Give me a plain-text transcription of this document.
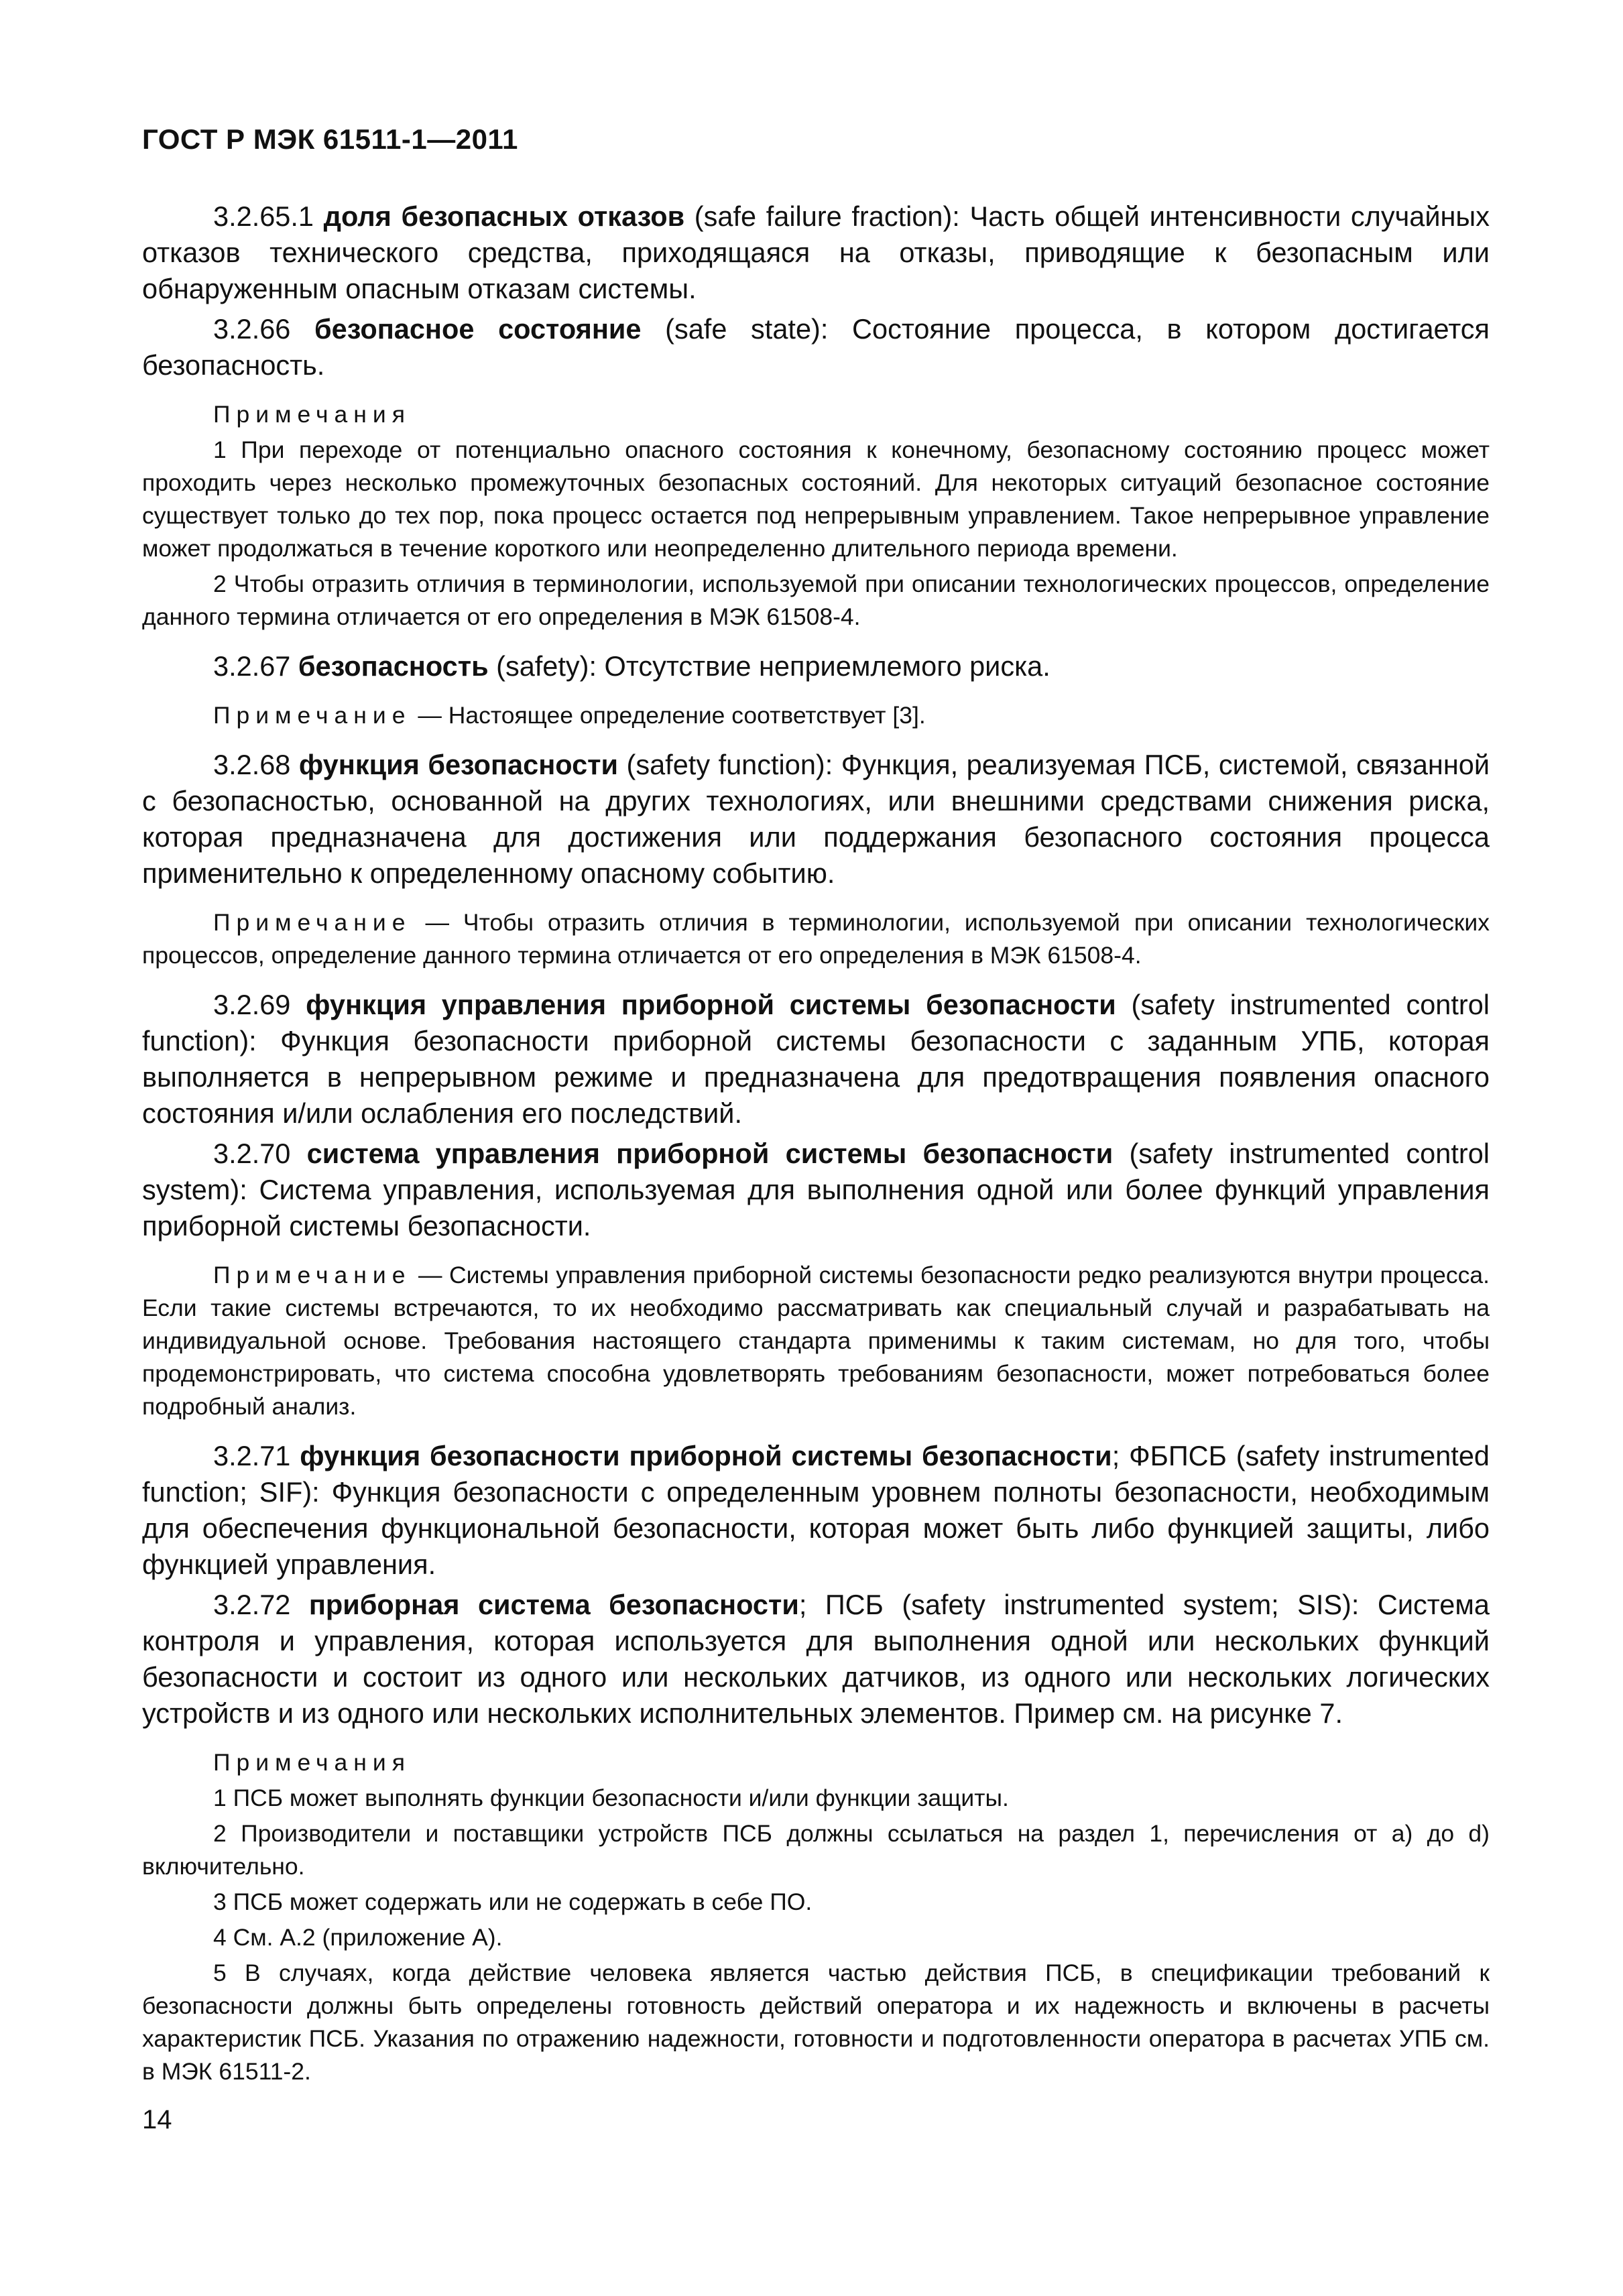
ГОСТ Р МЭК 61511-1—2011

3.2.65.1 доля безопасных отказов (safe failure fraction): Часть общей интенсивности случайных отказов технического средства, приходящаяся на отказы, приводящие к безопасным или обнаруженным опасным отказам системы.

3.2.66 безопасное состояние (safe state): Состояние процесса, в котором достигается безопасность.

Примечания

1 При переходе от потенциально опасного состояния к конечному, безопасному состоянию процесс может проходить через несколько промежуточных безопасных состояний. Для некоторых ситуаций безопасное состояние существует только до тех пор, пока процесс остается под непрерывным управлением. Такое непрерывное управление может продолжаться в течение короткого или неопределенно длительного периода времени.

2 Чтобы отразить отличия в терминологии, используемой при описании технологических процессов, определение данного термина отличается от его определения в МЭК 61508-4.

3.2.67 безопасность (safety): Отсутствие неприемлемого риска.

Примечание — Настоящее определение соответствует [3].

3.2.68 функция безопасности (safety function): Функция, реализуемая ПСБ, системой, связанной с безопасностью, основанной на других технологиях, или внешними средствами снижения риска, которая предназначена для достижения или поддержания безопасного состояния процесса применительно к определенному опасному событию.

Примечание — Чтобы отразить отличия в терминологии, используемой при описании технологических процессов, определение данного термина отличается от его определения в МЭК 61508-4.

3.2.69 функция управления приборной системы безопасности (safety instrumented control function): Функция безопасности приборной системы безопасности с заданным УПБ, которая выполняется в непрерывном режиме и предназначена для предотвращения появления опасного состояния и/или ослабления его последствий.

3.2.70 система управления приборной системы безопасности (safety instrumented control system): Система управления, используемая для выполнения одной или более функций управления приборной системы безопасности.

Примечание — Системы управления приборной системы безопасности редко реализуются внутри процесса. Если такие системы встречаются, то их необходимо рассматривать как специальный случай и разрабатывать на индивидуальной основе. Требования настоящего стандарта применимы к таким системам, но для того, чтобы продемонстрировать, что система способна удовлетворять требованиям безопасности, может потребоваться более подробный анализ.

3.2.71 функция безопасности приборной системы безопасности; ФБПСБ (safety instrumented function; SIF): Функция безопасности с определенным уровнем полноты безопасности, необходимым для обеспечения функциональной безопасности, которая может быть либо функцией защиты, либо функцией управления.

3.2.72 приборная система безопасности; ПСБ (safety instrumented system; SIS): Система контроля и управления, которая используется для выполнения одной или нескольких функций безопасности и состоит из одного или нескольких датчиков, из одного или нескольких логических устройств и из одного или нескольких исполнительных элементов. Пример см. на рисунке 7.

Примечания

1 ПСБ может выполнять функции безопасности и/или функции защиты.

2 Производители и поставщики устройств ПСБ должны ссылаться на раздел 1, перечисления от а) до d) включительно.

3 ПСБ может содержать или не содержать в себе ПО.

4 См. А.2 (приложение А).

5 В случаях, когда действие человека является частью действия ПСБ, в спецификации требований к безопасности должны быть определены готовность действий оператора и их надежность и включены в расчеты характеристик ПСБ. Указания по отражению надежности, готовности и подготовленности оператора в расчетах УПБ см. в МЭК 61511-2.

14
